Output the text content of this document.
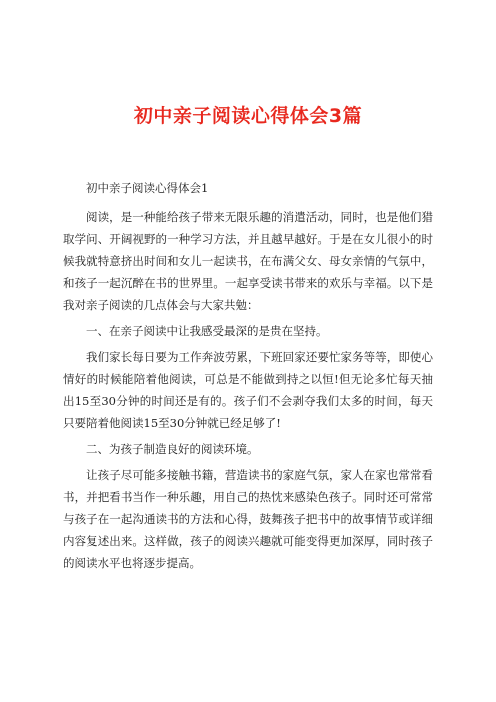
初中亲子阅读心得体会3篇

初中亲子阅读心得体会1

阅读，是一种能给孩子带来无限乐趣的消遣活动，同时，也是他们猎取学问、开阔视野的一种学习方法，并且越早越好。于是在女儿很小的时候我就特意挤出时间和女儿一起读书，在布满父女、母女亲情的气氛中，和孩子一起沉醉在书的世界里。一起享受读书带来的欢乐与幸福。以下是我对亲子阅读的几点体会与大家共勉：

一、在亲子阅读中让我感受最深的是贵在坚持。

我们家长每日要为工作奔波劳累，下班回家还要忙家务等等，即使心情好的时候能陪着他阅读，可总是不能做到持之以恒!但无论多忙每天抽出15至30分钟的时间还是有的。孩子们不会剥夺我们太多的时间，每天只要陪着他阅读15至30分钟就已经足够了!

二、为孩子制造良好的阅读环境。

让孩子尽可能多接触书籍，营造读书的家庭气氛，家人在家也常常看书，并把看书当作一种乐趣，用自己的热忱来感染色孩子。同时还可常常与孩子在一起沟通读书的方法和心得，鼓舞孩子把书中的故事情节或详细内容复述出来。这样做，孩子的阅读兴趣就可能变得更加深厚，同时孩子的阅读水平也将逐步提高。
